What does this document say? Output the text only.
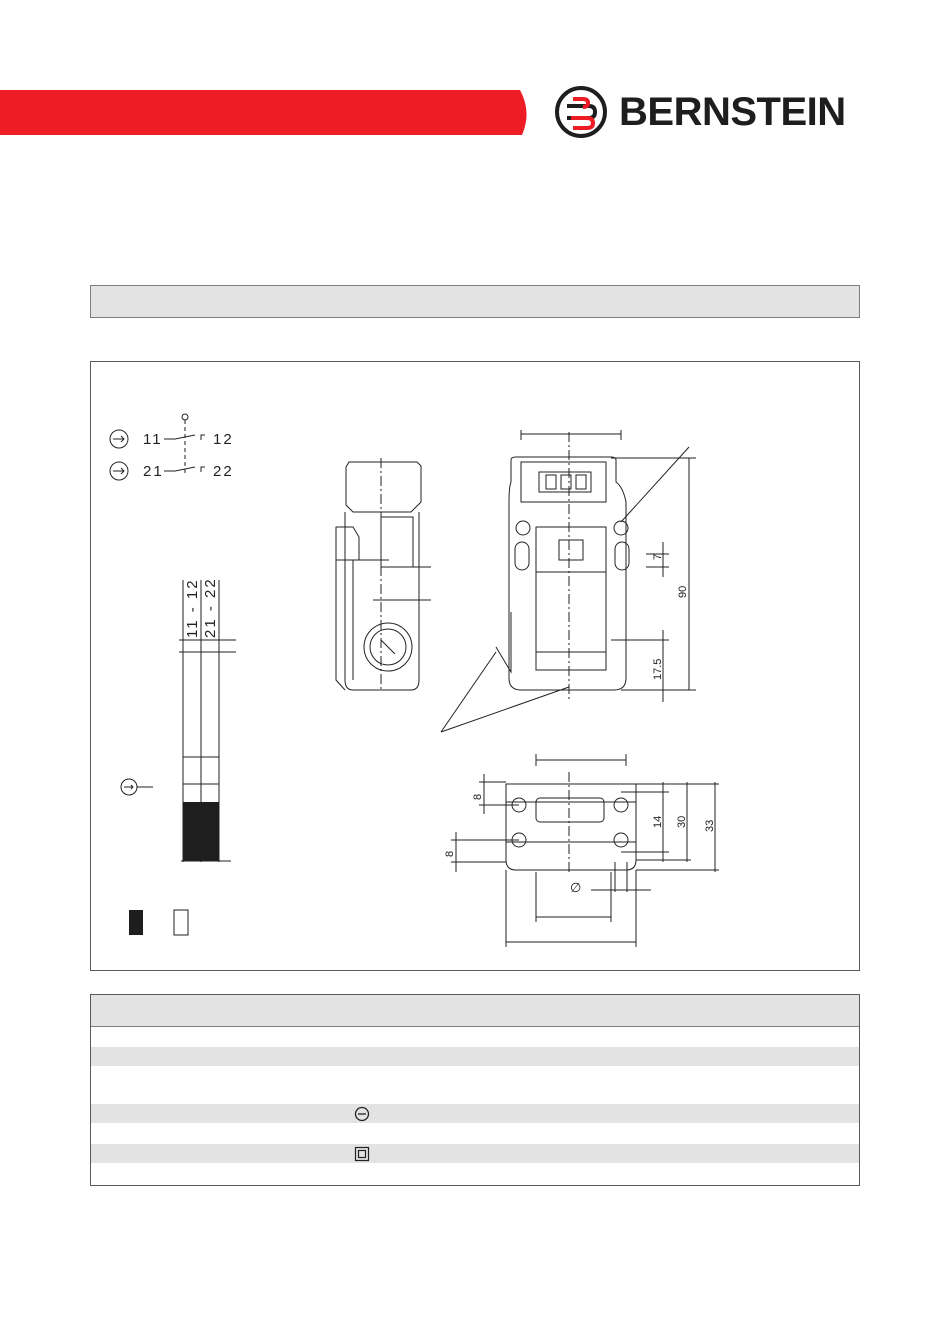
BERNSTEIN
11	12
21	22
11 - 12 21 - 22
7
17.5
90
8
8
14 30 33
∅
